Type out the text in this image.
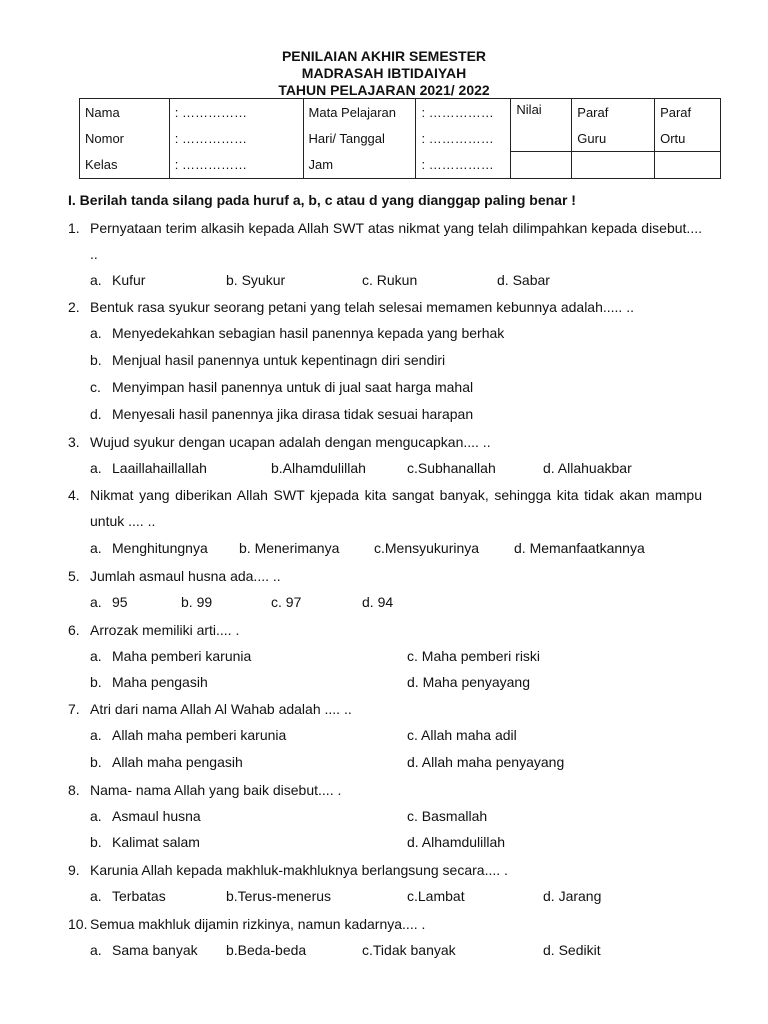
PENILAIAN AKHIR SEMESTER
MADRASAH IBTIDAIYAH
TAHUN PELAJARAN 2021/ 2022
Nama	: ……………	Mata Pelajaran	: ……………	Nilai	Paraf	Paraf
Nomor	: ……………	Hari/ Tanggal	: ……………		Guru	Ortu
Kelas	: ……………	Jam	: ……………			
I. Berilah tanda silang pada huruf a, b, c atau d yang dianggap paling benar !
1. Pernyataan terim alkasih kepada Allah SWT atas nikmat yang telah dilimpahkan kepada disebut.... ..
a. Kufur	b. Syukur	c. Rukun	d. Sabar
2. Bentuk rasa syukur seorang petani yang telah selesai memamen kebunnya adalah..... ..
a. Menyedekahkan sebagian hasil panennya kepada yang berhak
b. Menjual hasil panennya untuk kepentinagn diri sendiri
c. Menyimpan hasil panennya untuk di jual saat harga mahal
d. Menyesali hasil panennya jika dirasa tidak sesuai harapan
3. Wujud syukur dengan ucapan adalah dengan mengucapkan.... ..
a. Laaillahaillallah	b.Alhamdulillah	c.Subhanallah	d. Allahuakbar
4. Nikmat yang diberikan Allah SWT kjepada kita sangat banyak, sehingga kita tidak akan mampu untuk .... ..
a. Menghitungnya b. Menerimanya c.Mensyukurinya d. Memanfaatkannya
5. Jumlah asmaul husna ada.... ..
a. 95	b. 99	c. 97	d. 94
6. Arrozak memiliki arti.... .
a. Maha pemberi karunia	c. Maha pemberi riski
b. Maha pengasih	d. Maha penyayang
7. Atri dari nama Allah Al Wahab adalah .... ..
a. Allah maha pemberi karunia	c. Allah maha adil
b. Allah maha pengasih	d. Allah maha penyayang
8. Nama- nama Allah yang baik disebut.... .
a. Asmaul husna	c. Basmallah
b. Kalimat salam	d. Alhamdulillah
9. Karunia Allah kepada makhluk-makhluknya berlangsung secara.... .
a. Terbatas	b.Terus-menerus	c.Lambat	d. Jarang
10. Semua makhluk dijamin rizkinya, namun kadarnya.... .
a. Sama banyak b.Beda-beda	c.Tidak banyak	d. Sedikit
